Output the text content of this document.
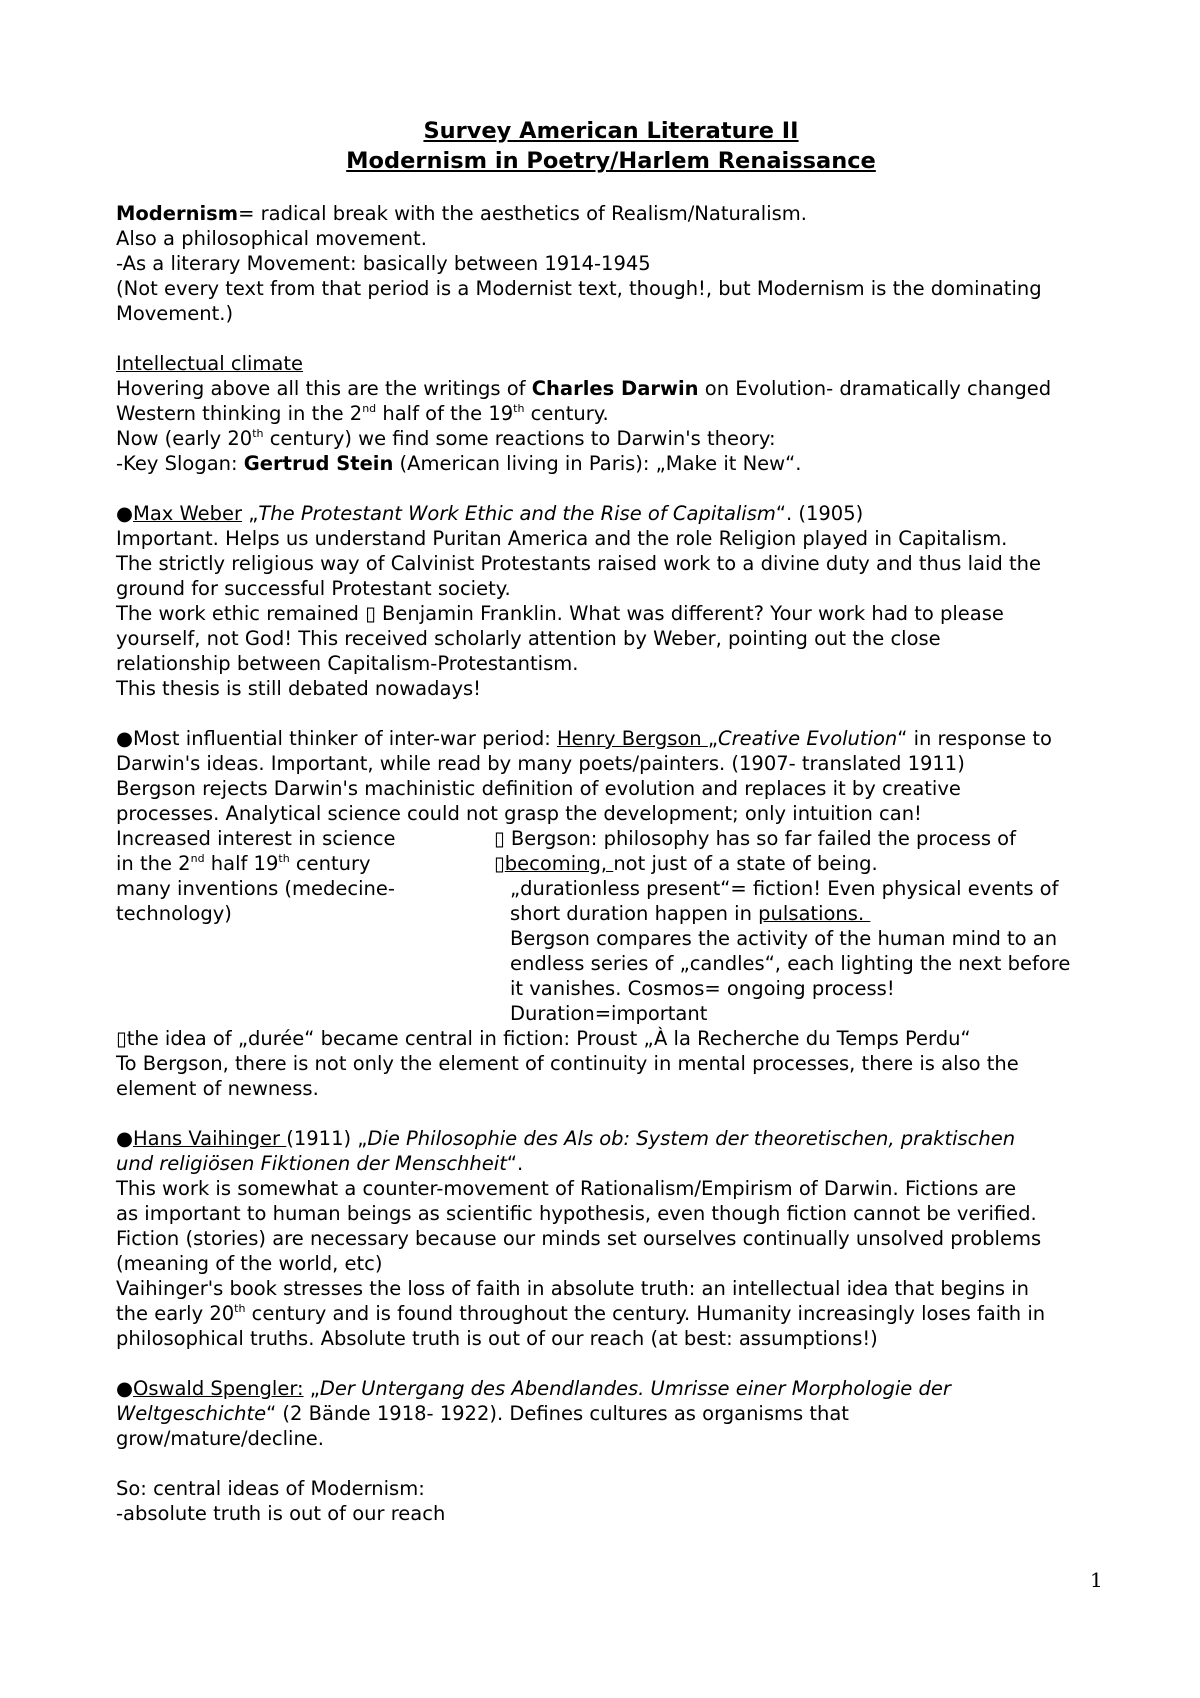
Survey American Literature II
Modernism in Poetry/Harlem Renaissance
Modernism= radical break with the aesthetics of Realism/Naturalism.
Also a philosophical movement.
-As a literary Movement: basically between 1914-1945
(Not every text from that period is a Modernist text, though!, but Modernism is the dominating
Movement.)
Intellectual climate
Hovering above all this are the writings of Charles Darwin on Evolution- dramatically changed
Western thinking in the 2nd half of the 19th century.
Now (early 20th century) we find some reactions to Darwin's theory:
-Key Slogan: Gertrud Stein (American living in Paris): „Make it New“.
●Max Weber „The Protestant Work Ethic and the Rise of Capitalism“. (1905)
Important. Helps us understand Puritan America and the role Religion played in Capitalism.
The strictly religious way of Calvinist Protestants raised work to a divine duty and thus laid the
ground for successful Protestant society.
The work ethic remained ▯ Benjamin Franklin. What was different? Your work had to please
yourself, not God! This received scholarly attention by Weber, pointing out the close
relationship between Capitalism-Protestantism.
This thesis is still debated nowadays!
●Most influential thinker of inter-war period: Henry Bergson „Creative Evolution“ in response to
Darwin's ideas. Important, while read by many poets/painters. (1907- translated 1911)
Bergson rejects Darwin's machinistic definition of evolution and replaces it by creative
processes. Analytical science could not grasp the development; only intuition can!
Increased interest in science
in the 2nd half 19th century
many inventions (medecine-
technology)
▯ Bergson: philosophy has so far failed the process of
▯becoming, not just of a state of being.
„durationless present“= fiction! Even physical events of
short duration happen in pulsations.
Bergson compares the activity of the human mind to an
endless series of „candles“, each lighting the next before
it vanishes. Cosmos= ongoing process!
Duration=important
▯the idea of „durée“ became central in fiction: Proust „À la Recherche du Temps Perdu“
To Bergson, there is not only the element of continuity in mental processes, there is also the
element of newness.
●Hans Vaihinger (1911) „Die Philosophie des Als ob: System der theoretischen, praktischen
und religiösen Fiktionen der Menschheit“.
This work is somewhat a counter-movement of Rationalism/Empirism of Darwin. Fictions are
as important to human beings as scientific hypothesis, even though fiction cannot be verified.
Fiction (stories) are necessary because our minds set ourselves continually unsolved problems
(meaning of the world, etc)
Vaihinger's book stresses the loss of faith in absolute truth: an intellectual idea that begins in
the early 20th century and is found throughout the century. Humanity increasingly loses faith in
philosophical truths. Absolute truth is out of our reach (at best: assumptions!)
●Oswald Spengler: „Der Untergang des Abendlandes. Umrisse einer Morphologie der
Weltgeschichte“ (2 Bände 1918- 1922). Defines cultures as organisms that
grow/mature/decline.
So: central ideas of Modernism:
-absolute truth is out of our reach
1
